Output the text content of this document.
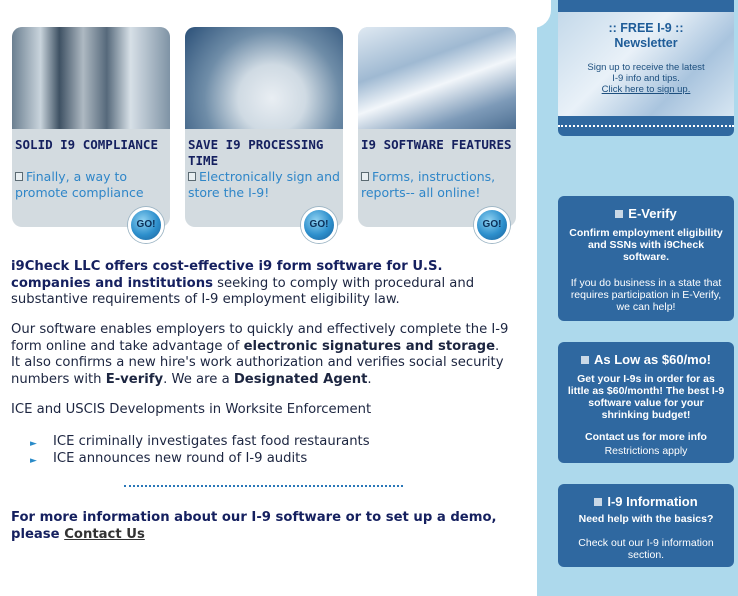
SOLID I9 COMPLIANCE
Finally, a way to promote compliance
GO!
SAVE I9 PROCESSING TIME
Electronically sign and store the I-9!
GO!
I9 SOFTWARE FEATURES
Forms, instructions, reports-- all online!
GO!
i9Check LLC offers cost-effective i9 form software for U.S. companies and institutions seeking to comply with procedural and substantive requirements of I-9 employment eligibility law.
Our software enables employers to quickly and effectively complete the I-9 form online and take advantage of electronic signatures and storage. It also confirms a new hire's work authorization and verifies social security numbers with E-verify. We are a Designated Agent.
ICE and USCIS Developments in Worksite Enforcement
► ICE criminally investigates fast food restaurants
► ICE announces new round of I-9 audits
For more information about our I-9 software or to set up a demo, please Contact Us
:: FREE I-9 ::
Newsletter
Sign up to receive the latest I-9 info and tips.
Click here to sign up.
E-Verify
Confirm employment eligibility and SSNs with i9Check software.
If you do business in a state that requires participation in E-Verify, we can help!
As Low as $60/mo!
Get your I-9s in order for as little as $60/month! The best I-9 software value for your shrinking budget!
Contact us for more info
Restrictions apply
I-9 Information
Need help with the basics?
Check out our I-9 information section.
